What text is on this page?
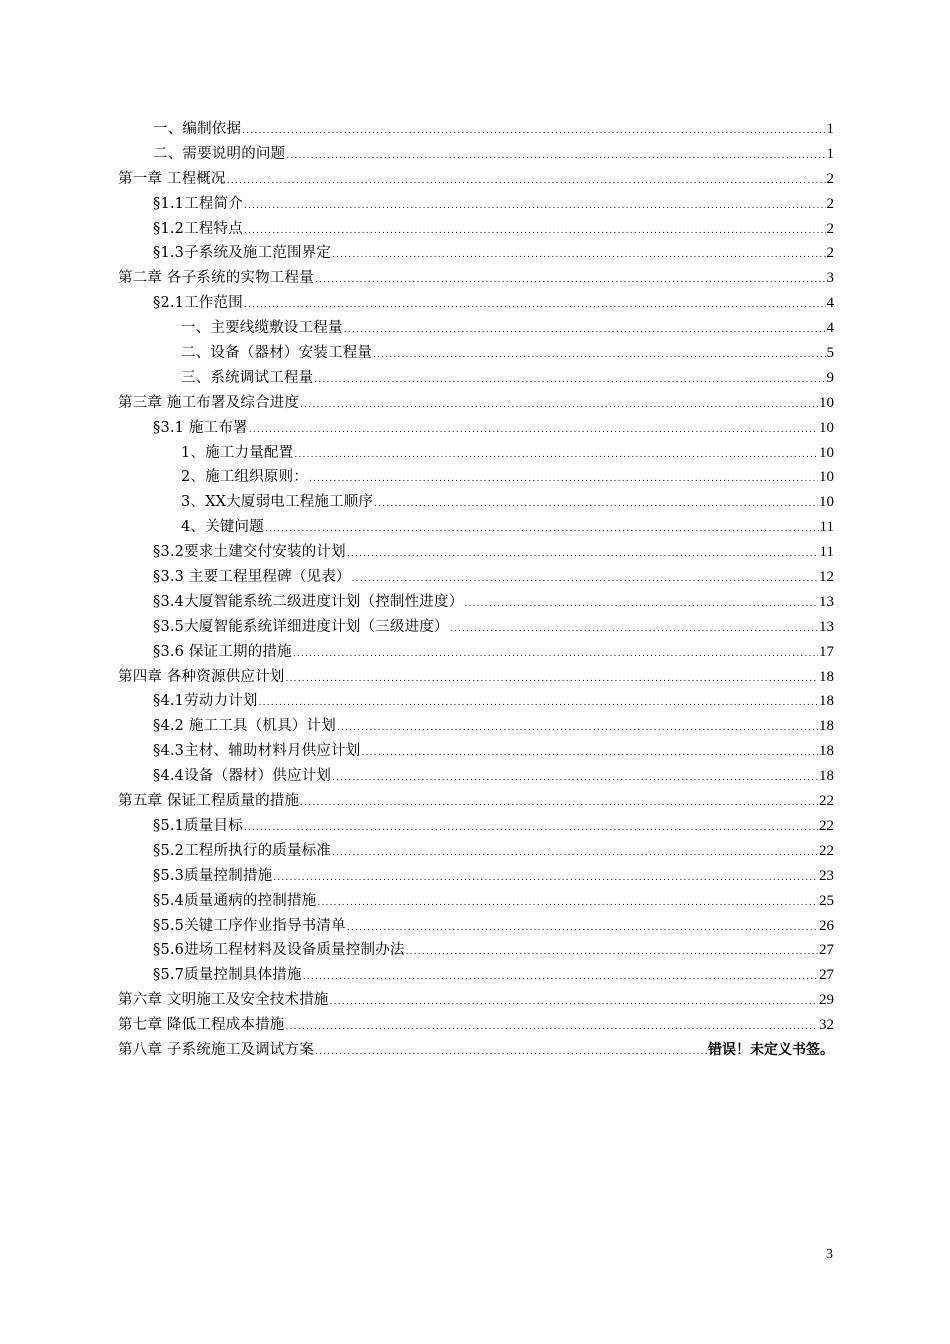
一、编制依据 .....	1
二、需要说明的问题 .....	1
第一章 工程概况 .....	2
§1.1工程简介 .....	2
§1.2工程特点 .....	2
§1.3子系统及施工范围界定 .....	2
第二章 各子系统的实物工程量 .....	3
§2.1工作范围 .....	4
一、主要线缆敷设工程量 .....	4
二、设备（器材）安装工程量 .....	5
三、系统调试工程量 .....	9
第三章 施工布署及综合进度 .....	10
§3.1 施工布署 .....	10
1、施工力量配置 .....	10
2、施工组织原则： .....	10
3、XX大厦弱电工程施工顺序 .....	10
4、关键问题 .....	11
§3.2要求土建交付安装的计划 .....	11
§3.3 主要工程里程碑（见表） .....	12
§3.4大厦智能系统二级进度计划（控制性进度） .....	13
§3.5大厦智能系统详细进度计划（三级进度） .....	13
§3.6 保证工期的措施 .....	17
第四章 各种资源供应计划 .....	18
§4.1劳动力计划 .....	18
§4.2 施工工具（机具）计划 .....	18
§4.3主材、辅助材料月供应计划 .....	18
§4.4设备（器材）供应计划 .....	18
第五章 保证工程质量的措施 .....	22
§5.1质量目标 .....	22
§5.2工程所执行的质量标准 .....	22
§5.3质量控制措施 .....	23
§5.4质量通病的控制措施 .....	25
§5.5关键工序作业指导书清单 .....	26
§5.6进场工程材料及设备质量控制办法 .....	27
§5.7质量控制具体措施 .....	27
第六章 文明施工及安全技术措施 .....	29
第七章 降低工程成本措施 .....	32
第八章 子系统施工及调试方案 .....	错误！未定义书签。
3
